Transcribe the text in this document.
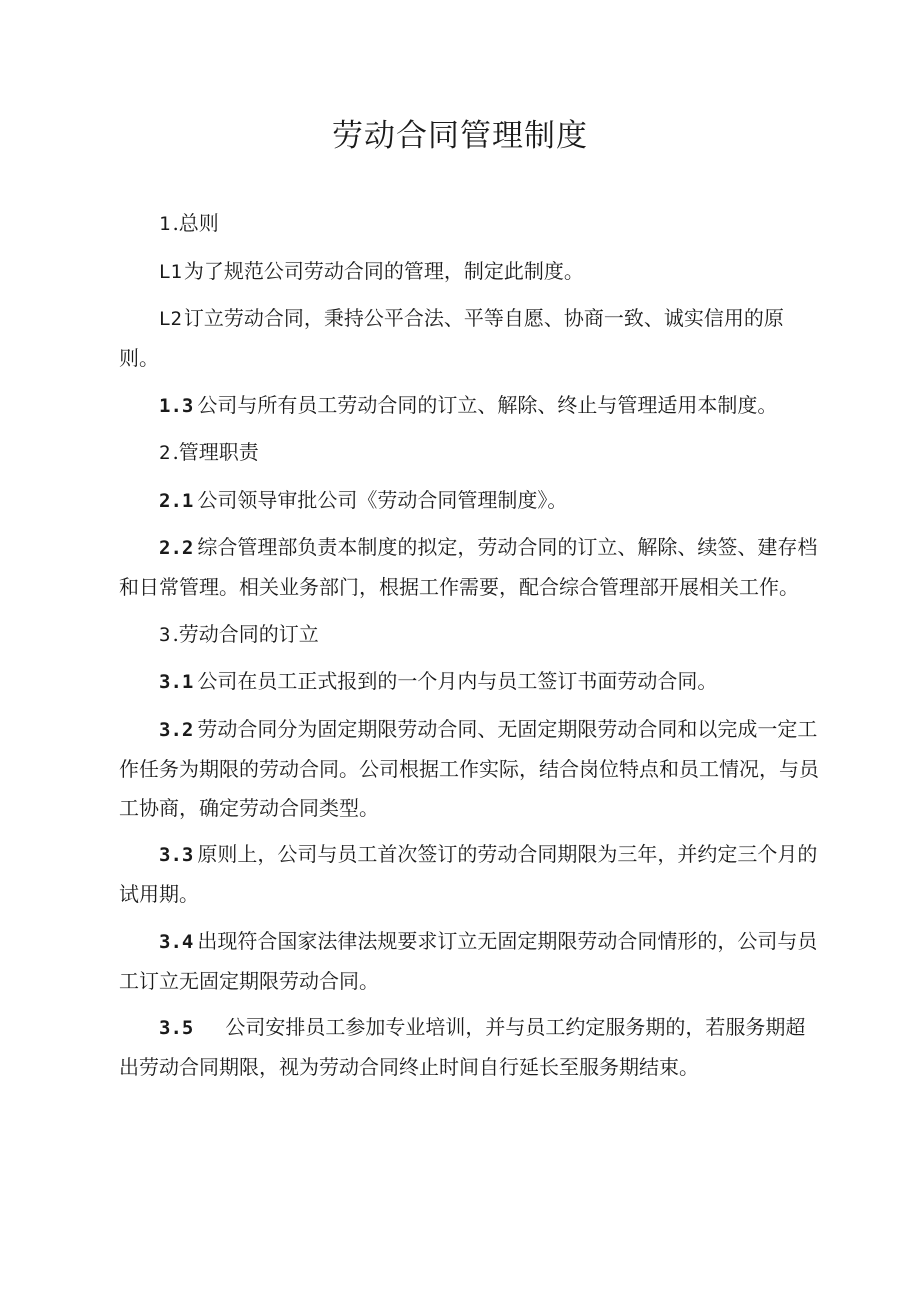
劳动合同管理制度

1 .总则

L1 为了规范公司劳动合同的管理，制定此制度。

L2 订立劳动合同，秉持公平合法、平等自愿、协商一致、诚实信用的原则。

1.3 公司与所有员工劳动合同的订立、解除、终止与管理适用本制度。

2 .管理职责

2.1 公司领导审批公司《劳动合同管理制度》。

2.2 综合管理部负责本制度的拟定，劳动合同的订立、解除、续签、建存档和日常管理。相关业务部门，根据工作需要，配合综合管理部开展相关工作。

3 .劳动合同的订立

3.1 公司在员工正式报到的一个月内与员工签订书面劳动合同。

3.2 劳动合同分为固定期限劳动合同、无固定期限劳动合同和以完成一定工作任务为期限的劳动合同。公司根据工作实际，结合岗位特点和员工情况，与员工协商，确定劳动合同类型。

3.3 原则上，公司与员工首次签订的劳动合同期限为三年，并约定三个月的试用期。

3.4 出现符合国家法律法规要求订立无固定期限劳动合同情形的，公司与员工订立无固定期限劳动合同。

3.5 公司安排员工参加专业培训，并与员工约定服务期的，若服务期超出劳动合同期限，视为劳动合同终止时间自行延长至服务期结束。
